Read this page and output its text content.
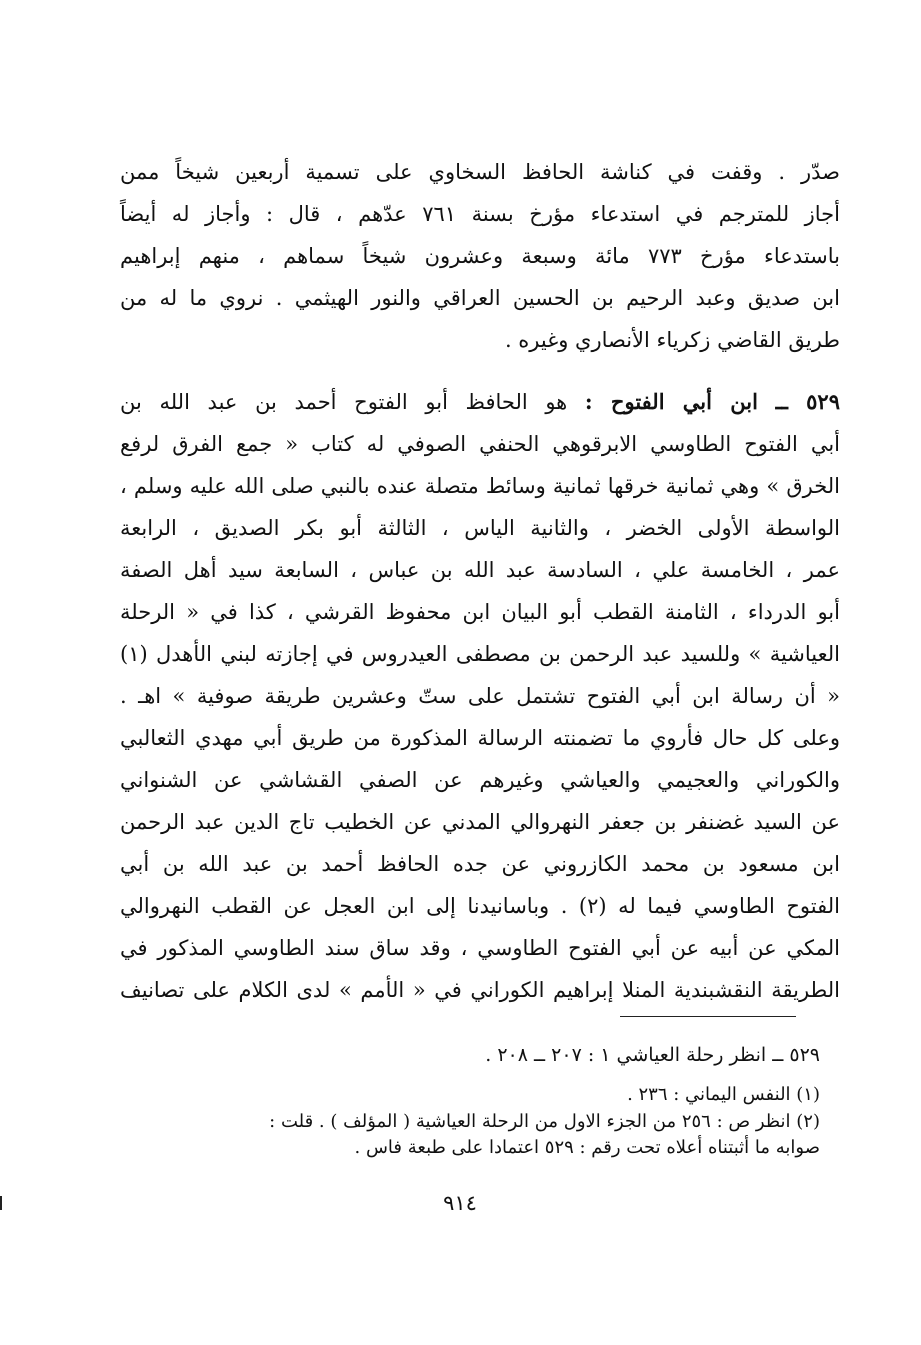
صدّر . وقفت في كناشة الحافظ السخاوي على تسمية أربعين شيخاً ممن
أجاز للمترجم في استدعاء مؤرخ بسنة ٧٦١ عدّهم ، قال : وأجاز له أيضاً
باستدعاء مؤرخ ٧٧٣ مائة وسبعة وعشرون شيخاً سماهم ، منهم إبراهيم
ابن صديق وعبد الرحيم بن الحسين العراقي والنور الهيثمي . نروي ما له من
طريق القاضي زكرياء الأنصاري وغيره .
٥٢٩ ــ ابن أبي الفتوح : هو الحافظ أبو الفتوح أحمد بن عبد الله بن
أبي الفتوح الطاوسي الابرقوهي الحنفي الصوفي له كتاب « جمع الفرق لرفع
الخرق » وهي ثمانية خرقها ثمانية وسائط متصلة عنده بالنبي صلى الله عليه وسلم ،
الواسطة الأولى الخضر ، والثانية الياس ، الثالثة أبو بكر الصديق ، الرابعة
عمر ، الخامسة علي ، السادسة عبد الله بن عباس ، السابعة سيد أهل الصفة
أبو الدرداء ، الثامنة القطب أبو البيان ابن محفوظ القرشي ، كذا في « الرحلة
العياشية » وللسيد عبد الرحمن بن مصطفى العيدروس في إجازته لبني الأهدل (١)
« أن رسالة ابن أبي الفتوح تشتمل على ستّ وعشرين طريقة صوفية » اهـ .
وعلى كل حال فأروي ما تضمنته الرسالة المذكورة من طريق أبي مهدي الثعالبي
والكوراني والعجيمي والعياشي وغيرهم عن الصفي القشاشي عن الشنواني
عن السيد غضنفر بن جعفر النهروالي المدني عن الخطيب تاج الدين عبد الرحمن
ابن مسعود بن محمد الكازروني عن جده الحافظ أحمد بن عبد الله بن أبي
الفتوح الطاوسي فيما له (٢) . وباسانيدنا إلى ابن العجل عن القطب النهروالي
المكي عن أبيه عن أبي الفتوح الطاوسي ، وقد ساق سند الطاوسي المذكور في
الطريقة النقشبندية المنلا إبراهيم الكوراني في « الأمم » لدى الكلام على تصانيف
٥٢٩ ــ انظر رحلة العياشي ١ : ٢٠٧ ــ ٢٠٨ .
(١) النفس اليماني : ٢٣٦ .
(٢) انظر ص : ٢٥٦ من الجزء الاول من الرحلة العياشية ( المؤلف ) . قلت :
صوابه ما أثبتناه أعلاه تحت رقم : ٥٢٩ اعتمادا على طبعة فاس .
٩١٤
